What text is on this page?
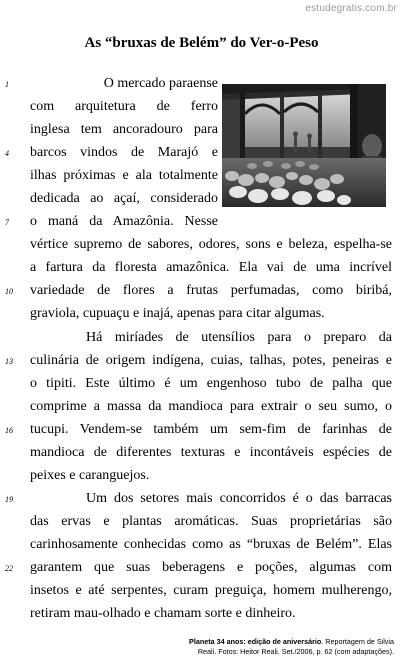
estudegratis.com.br
As “bruxas de Belém” do Ver-o-Peso
1
4
7
10
13
16
19
22
O mercado paraense
com arquitetura de ferro
inglesa tem ancoradouro para
barcos vindos de Marajó e
ilhas próximas e ala totalmente
dedicada ao açaí, considerado
o maná da Amazônia. Nesse
vértice supremo de sabores, odores, sons e beleza, espelha-se
a fartura da floresta amazônica. Ela vai de uma incrível
variedade de flores a frutas perfumadas, como biribá,
graviola, cupuaçu e inajá, apenas para citar algumas.
Há miríades de utensílios para o preparo da
culinária de origem indígena, cuias, talhas, potes, peneiras e
o tipiti. Este último é um engenhoso tubo de palha que
comprime a massa da mandioca para extrair o seu sumo, o
tucupi. Vendem-se também um sem-fim de farinhas de
mandioca de diferentes texturas e incontáveis espécies de
peixes e caranguejos.
Um dos setores mais concorridos é o das barracas
das ervas e plantas aromáticas. Suas proprietárias são
carinhosamente conhecidas como as “bruxas de Belém”. Elas
garantem que suas beberagens e poções, algumas com
insetos e até serpentes, curam preguiça, homem mulherengo,
retiram mau-olhado e chamam sorte e dinheiro.
Planeta 34 anos: edição de aniversário. Reportagem de Silvia
Reali. Fotos: Heitor Reali. Set./2006, p. 62 (com adaptações).
